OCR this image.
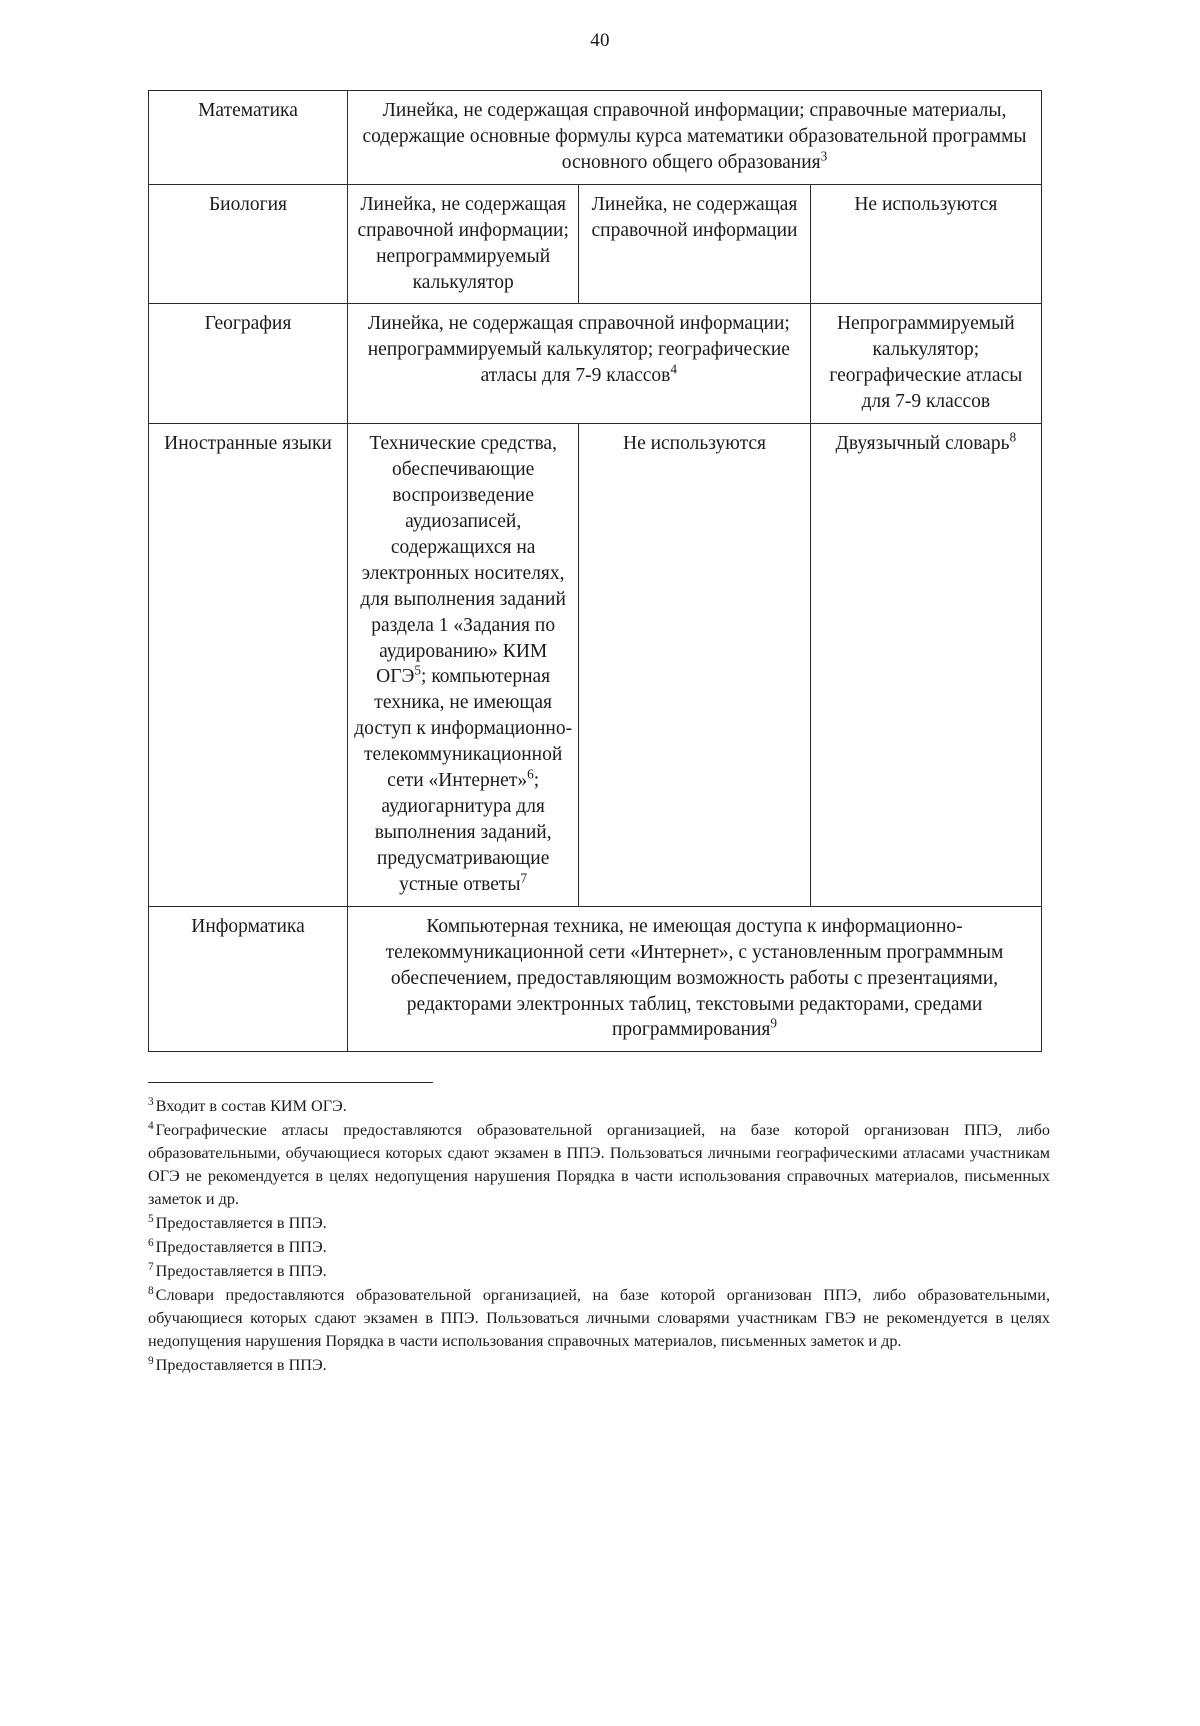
40
Математика	Линейка, не содержащая справочной информации; справочные материалы, содержащие основные формулы курса математики образовательной программы основного общего образования$^3$
Биология	Линейка, не содержащая справочной информации; непрограммируемый калькулятор	Линейка, не содержащая справочной информации	Не используются
География	Линейка, не содержащая справочной информации; непрограммируемый калькулятор; географические атласы для 7-9 классов$^4$		Непрограммируемый калькулятор; географические атласы для 7-9 классов
Иностранные языки	Технические средства, обеспечивающие воспроизведение аудиозаписей, содержащихся на электронных носителях, для выполнения заданий раздела 1 «Задания по аудированию» КИМ ОГЭ$^5$; компьютерная техника, не имеющая доступ к информационно-телекоммуникационной сети «Интернет»$^6$; аудиогарнитура для выполнения заданий, предусматривающие устные ответы$^7$	Не используются	Двуязычный словарь$^8$
Информатика	Компьютерная техника, не имеющая доступа к информационно-телекоммуникационной сети «Интернет», с установленным программным обеспечением, предоставляющим возможность работы с презентациями, редакторами электронных таблиц, текстовыми редакторами, средами программирования$^9$

$^3$ Входит в состав КИМ ОГЭ.

$^4$ Географические атласы предоставляются образовательной организацией, на базе которой организован ППЭ, либо образовательными, обучающиеся которых сдают экзамен в ППЭ. Пользоваться личными географическими атласами участникам ОГЭ не рекомендуется в целях недопущения нарушения Порядка в части использования справочных материалов, письменных заметок и др.

$^5$ Предоставляется в ППЭ.

$^6$ Предоставляется в ППЭ.

$^7$ Предоставляется в ППЭ.

$^8$ Словари предоставляются образовательной организацией, на базе которой организован ППЭ, либо образовательными, обучающиеся которых сдают экзамен в ППЭ. Пользоваться личными словарями участникам ГВЭ не рекомендуется в целях недопущения нарушения Порядка в части использования справочных материалов, письменных заметок и др.

$^9$ Предоставляется в ППЭ.
